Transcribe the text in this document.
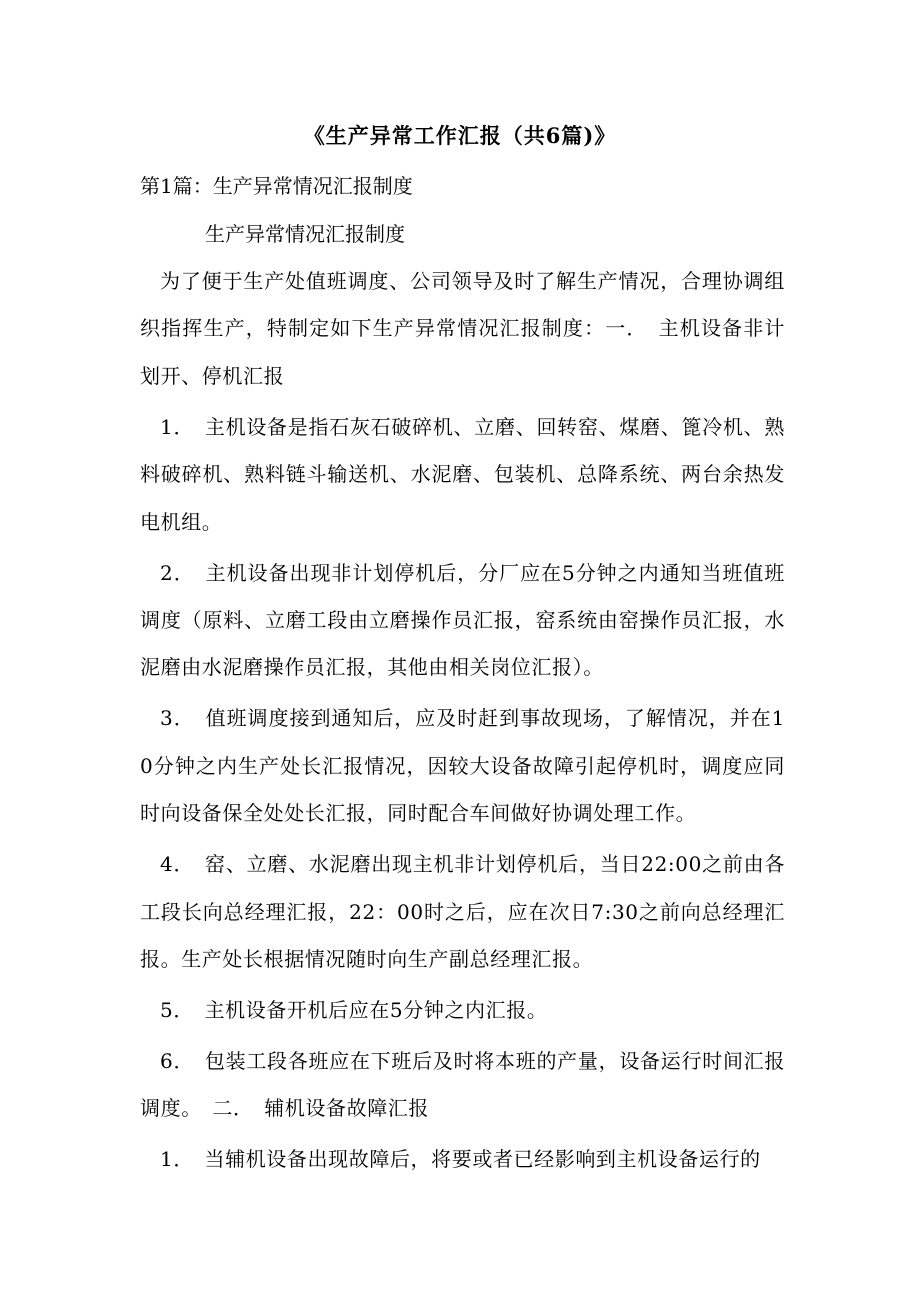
《生产异常工作汇报（共6篇)》
第1篇：生产异常情况汇报制度
生产异常情况汇报制度

为了便于生产处值班调度、公司领导及时了解生产情况，合理协调组织指挥生产，特制定如下生产异常情况汇报制度：一．　主机设备非计划开、停机汇报

1．　主机设备是指石灰石破碎机、立磨、回转窑、煤磨、篦冷机、熟料破碎机、熟料链斗输送机、水泥磨、包装机、总降系统、两台余热发电机组。

2．　主机设备出现非计划停机后，分厂应在5分钟之内通知当班值班调度（原料、立磨工段由立磨操作员汇报，窑系统由窑操作员汇报，水泥磨由水泥磨操作员汇报，其他由相关岗位汇报）。

3．　值班调度接到通知后，应及时赶到事故现场，了解情况，并在10分钟之内生产处长汇报情况，因较大设备故障引起停机时，调度应同时向设备保全处处长汇报，同时配合车间做好协调处理工作。

4．　窑、立磨、水泥磨出现主机非计划停机后，当日22:00之前由各工段长向总经理汇报，22：00时之后，应在次日7:30之前向总经理汇报。生产处长根据情况随时向生产副总经理汇报。

5．　主机设备开机后应在5分钟之内汇报。

6．　包装工段各班应在下班后及时将本班的产量，设备运行时间汇报调度。　二．　辅机设备故障汇报

1．　当辅机设备出现故障后，将要或者已经影响到主机设备运行的
